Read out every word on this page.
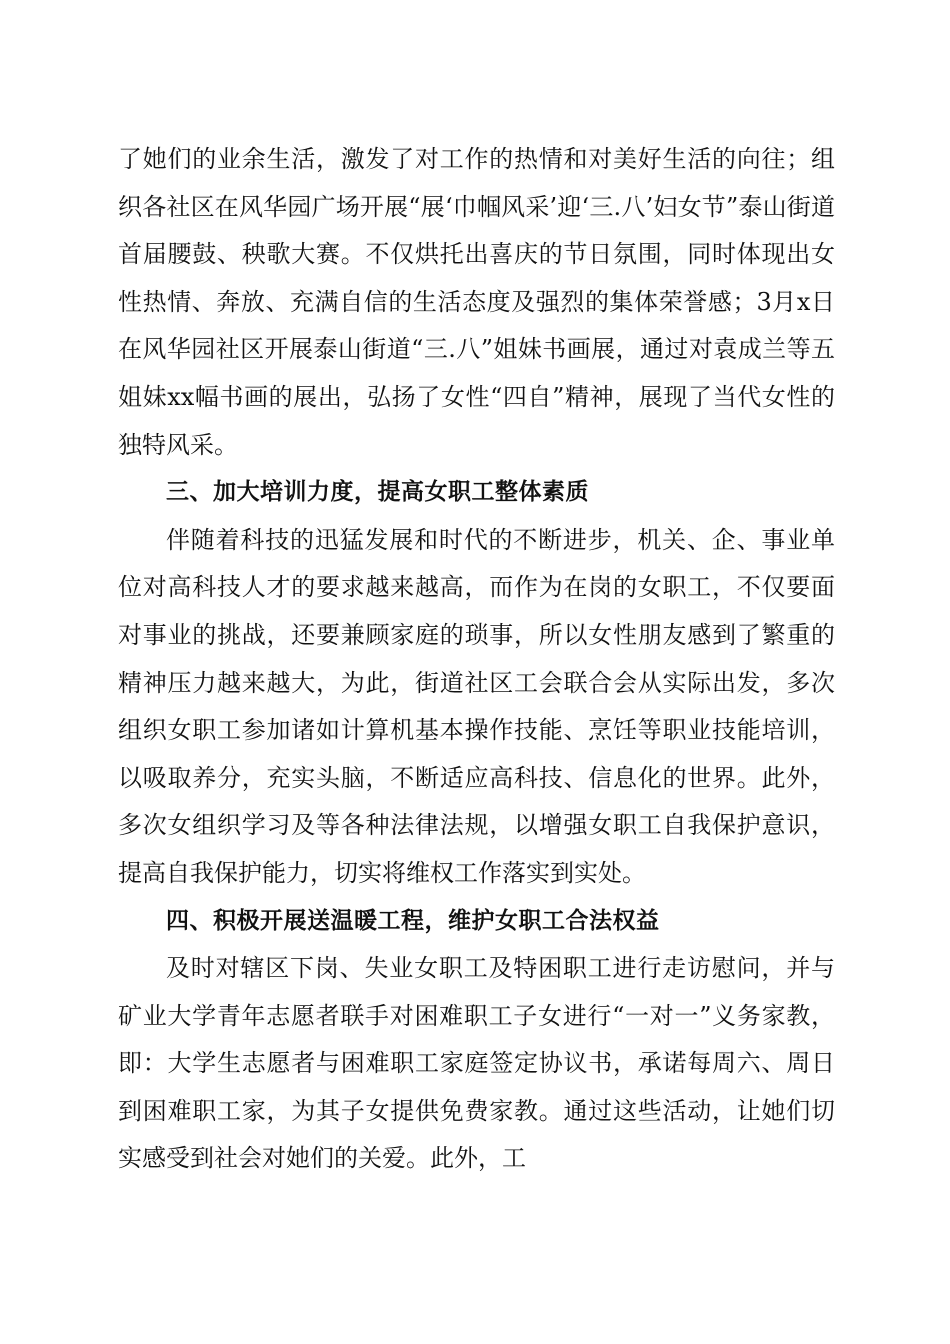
了她们的业余生活，激发了对工作的热情和对美好生活的向往；组织各社区在风华园广场开展“展‘巾帼风采’迎‘三.八’妇女节”泰山街道首届腰鼓、秧歌大赛。不仅烘托出喜庆的节日氛围，同时体现出女性热情、奔放、充满自信的生活态度及强烈的集体荣誉感；3月x日在风华园社区开展泰山街道“三.八”姐妹书画展，通过对袁成兰等五姐妹xx幅书画的展出，弘扬了女性“四自”精神，展现了当代女性的独特风采。

三、加大培训力度，提高女职工整体素质

伴随着科技的迅猛发展和时代的不断进步，机关、企、事业单位对高科技人才的要求越来越高，而作为在岗的女职工，不仅要面对事业的挑战，还要兼顾家庭的琐事，所以女性朋友感到了繁重的精神压力越来越大，为此，街道社区工会联合会从实际出发，多次组织女职工参加诸如计算机基本操作技能、烹饪等职业技能培训，以吸取养分，充实头脑，不断适应高科技、信息化的世界。此外，多次女组织学习及等各种法律法规，以增强女职工自我保护意识，提高自我保护能力，切实将维权工作落实到实处。

四、积极开展送温暖工程，维护女职工合法权益

及时对辖区下岗、失业女职工及特困职工进行走访慰问，并与矿业大学青年志愿者联手对困难职工子女进行“一对一”义务家教，即：大学生志愿者与困难职工家庭签定协议书，承诺每周六、周日到困难职工家，为其子女提供免费家教。通过这些活动，让她们切实感受到社会对她们的关爱。此外，工
